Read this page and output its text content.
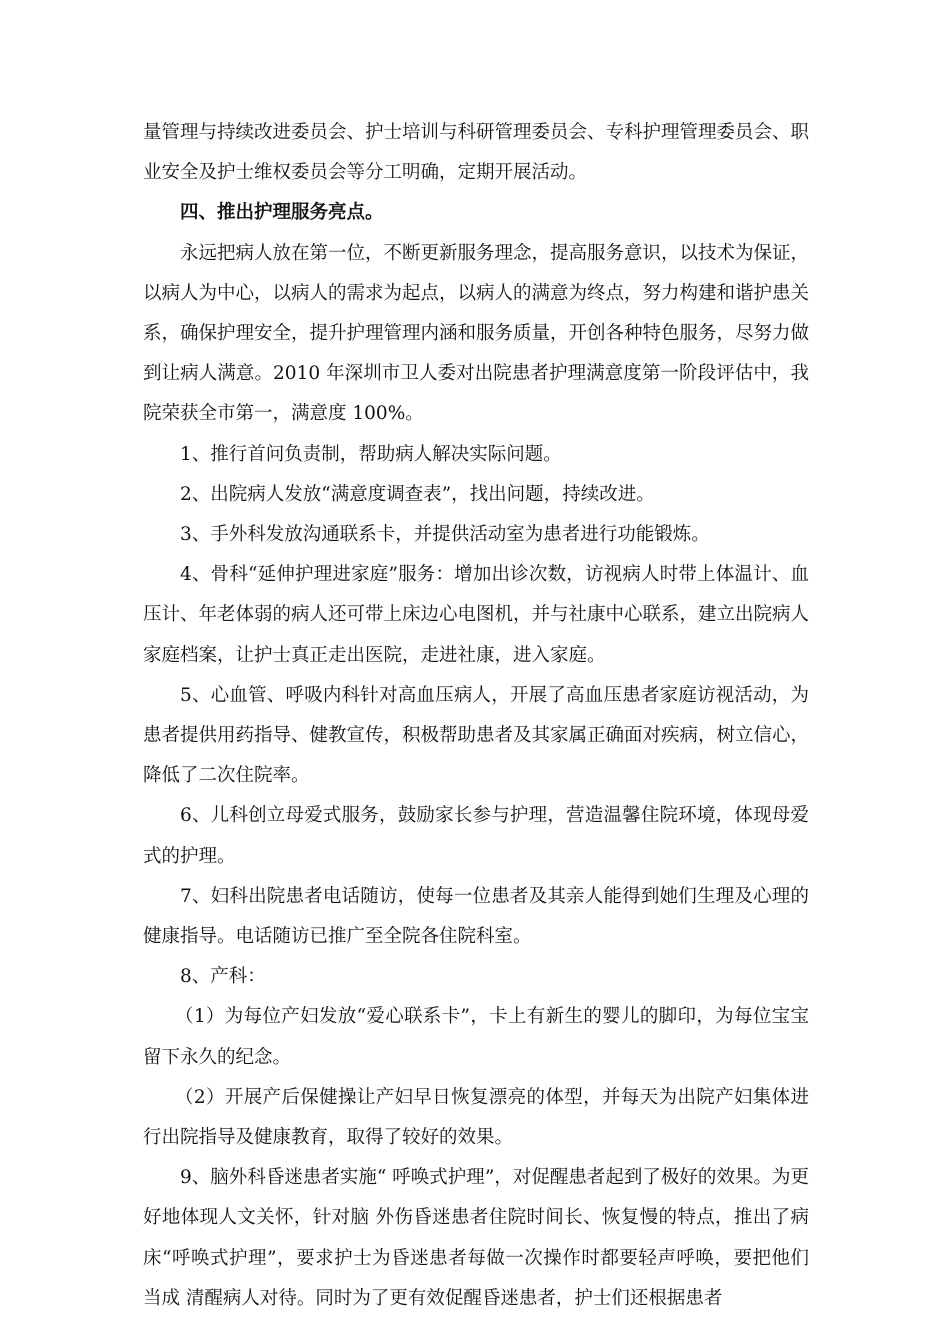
量管理与持续改进委员会、护士培训与科研管理委员会、专科护理管理委员会、职业安全及护士维权委员会等分工明确，定期开展活动。

四、推出护理服务亮点。

永远把病人放在第一位，不断更新服务理念，提高服务意识，以技术为保证，以病人为中心，以病人的需求为起点，以病人的满意为终点，努力构建和谐护患关系，确保护理安全，提升护理管理内涵和服务质量，开创各种特色服务，尽努力做到让病人满意。2010 年深圳市卫人委对出院患者护理满意度第一阶段评估中，我院荣获全市第一，满意度 100%。

1、推行首问负责制，帮助病人解决实际问题。

2、出院病人发放“满意度调查表”，找出问题，持续改进。

3、手外科发放沟通联系卡，并提供活动室为患者进行功能锻炼。

4、骨科“延伸护理进家庭”服务：增加出诊次数，访视病人时带上体温计、血压计、年老体弱的病人还可带上床边心电图机，并与社康中心联系，建立出院病人家庭档案，让护士真正走出医院，走进社康，进入家庭。

5、心血管、呼吸内科针对高血压病人，开展了高血压患者家庭访视活动，为患者提供用药指导、健教宣传，积极帮助患者及其家属正确面对疾病，树立信心，降低了二次住院率。

6、儿科创立母爱式服务，鼓励家长参与护理，营造温馨住院环境，体现母爱式的护理。

7、妇科出院患者电话随访，使每一位患者及其亲人能得到她们生理及心理的健康指导。电话随访已推广至全院各住院科室。

8、产科：

（1）为每位产妇发放“爱心联系卡”，卡上有新生的婴儿的脚印，为每位宝宝留下永久的纪念。

（2）开展产后保健操让产妇早日恢复漂亮的体型，并每天为出院产妇集体进行出院指导及健康教育，取得了较好的效果。

9、脑外科昏迷患者实施“ 呼唤式护理”，对促醒患者起到了极好的效果。为更好地体现人文关怀，针对脑 外伤昏迷患者住院时间长、恢复慢的特点，推出了病床“呼唤式护理”，要求护士为昏迷患者每做一次操作时都要轻声呼唤，要把他们当成 清醒病人对待。同时为了更有效促醒昏迷患者，护士们还根据患者
